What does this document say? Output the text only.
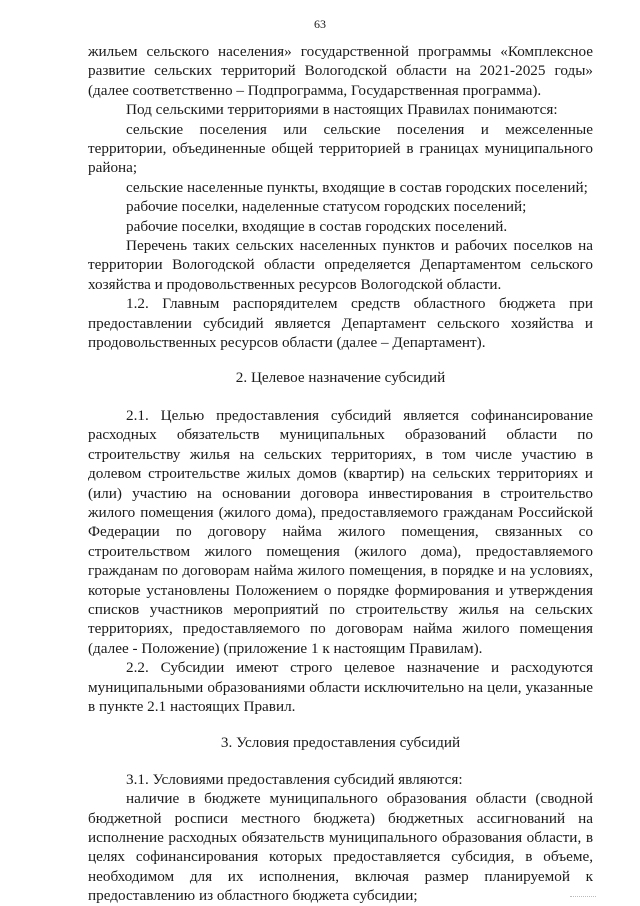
63

жильем сельского населения» государственной программы «Комплексное развитие сельских территорий Вологодской области на 2021-2025 годы» (далее соответственно – Подпрограмма, Государственная программа).

Под сельскими территориями в настоящих Правилах понимаются:

сельские поселения или сельские поселения и межселенные территории, объединенные общей территорией в границах муниципального района;

сельские населенные пункты, входящие в состав городских поселений;

рабочие поселки, наделенные статусом городских поселений;

рабочие поселки, входящие в состав городских поселений.

Перечень таких сельских населенных пунктов и рабочих поселков на территории Вологодской области определяется Департаментом сельского хозяйства и продовольственных ресурсов Вологодской области.

1.2. Главным распорядителем средств областного бюджета при предоставлении субсидий является Департамент сельского хозяйства и продовольственных ресурсов области (далее – Департамент).

2. Целевое назначение субсидий

2.1. Целью предоставления субсидий является софинансирование расходных обязательств муниципальных образований области по строительству жилья на сельских территориях, в том числе участию в долевом строительстве жилых домов (квартир) на сельских территориях и (или) участию на основании договора инвестирования в строительство жилого помещения (жилого дома), предоставляемого гражданам Российской Федерации по договору найма жилого помещения, связанных со строительством жилого помещения (жилого дома), предоставляемого гражданам по договорам найма жилого помещения, в порядке и на условиях, которые установлены Положением о порядке формирования и утверждения списков участников мероприятий по строительству жилья на сельских территориях, предоставляемого по договорам найма жилого помещения (далее - Положение) (приложение 1 к настоящим Правилам).

2.2. Субсидии имеют строго целевое назначение и расходуются муниципальными образованиями области исключительно на цели, указанные в пункте 2.1 настоящих Правил.

3. Условия предоставления субсидий

3.1. Условиями предоставления субсидий являются:

наличие в бюджете муниципального образования области (сводной бюджетной росписи местного бюджета) бюджетных ассигнований на исполнение расходных обязательств муниципального образования области, в целях софинансирования которых предоставляется субсидия, в объеме, необходимом для их исполнения, включая размер планируемой к предоставлению из областного бюджета субсидии;
